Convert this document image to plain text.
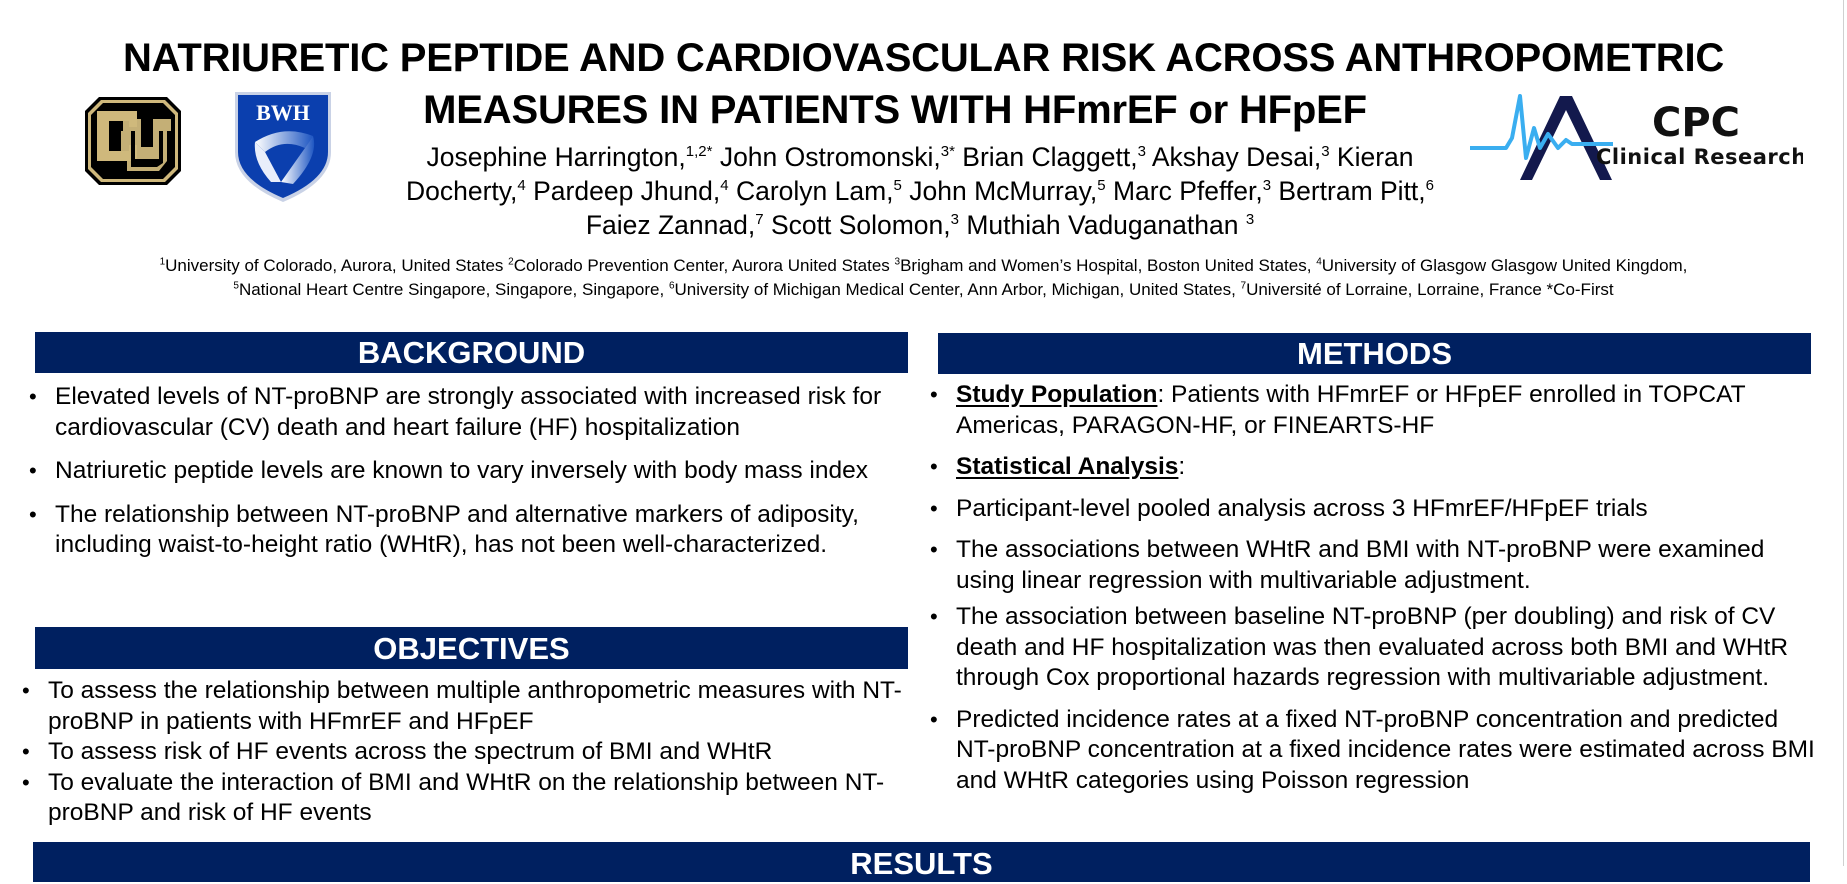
NATRIURETIC PEPTIDE AND CARDIOVASCULAR RISK ACROSS ANTHROPOMETRIC
MEASURES IN PATIENTS WITH HFmrEF or HFpEF
BWH	CPC
Clinical Research
Josephine Harrington,$^{1,2*}$ John Ostromonski,$^{3*}$ Brian Claggett,$^3$ Akshay Desai,$^3$ Kieran Docherty,$^4$ Pardeep Jhund,$^4$ Carolyn Lam,$^5$ John McMurray,$^5$ Marc Pfeffer,$^3$ Bertram Pitt,$^6$ Faiez Zannad,$^7$ Scott Solomon,$^3$ Muthiah Vaduganathan $^3$
$^1$University of Colorado, Aurora, United States $^2$Colorado Prevention Center, Aurora United States $^3$Brigham and Women’s Hospital, Boston United States, $^4$University of Glasgow Glasgow United Kingdom,
$^5$National Heart Centre Singapore, Singapore, Singapore, $^6$University of Michigan Medical Center, Ann Arbor, Michigan, United States, $^7$Université of Lorraine, Lorraine, France *Co-First
BACKGROUND
• Elevated levels of NT-proBNP are strongly associated with increased risk for cardiovascular (CV) death and heart failure (HF) hospitalization
• Natriuretic peptide levels are known to vary inversely with body mass index
• The relationship between NT-proBNP and alternative markers of adiposity, including waist-to-height ratio (WHtR), has not been well-characterized.
OBJECTIVES
• To assess the relationship between multiple anthropometric measures with NT-proBNP in patients with HFmrEF and HFpEF
• To assess risk of HF events across the spectrum of BMI and WHtR
• To evaluate the interaction of BMI and WHtR on the relationship between NT-proBNP and risk of HF events
METHODS
• Study Population: Patients with HFmrEF or HFpEF enrolled in TOPCAT Americas, PARAGON-HF, or FINEARTS-HF
• Statistical Analysis:
• Participant-level pooled analysis across 3 HFmrEF/HFpEF trials
• The associations between WHtR and BMI with NT-proBNP were examined using linear regression with multivariable adjustment.
• The association between baseline NT-proBNP (per doubling) and risk of CV death and HF hospitalization was then evaluated across both BMI and WHtR through Cox proportional hazards regression with multivariable adjustment.
• Predicted incidence rates at a fixed NT-proBNP concentration and predicted NT-proBNP concentration at a fixed incidence rates were estimated across BMI and WHtR categories using Poisson regression
RESULTS
